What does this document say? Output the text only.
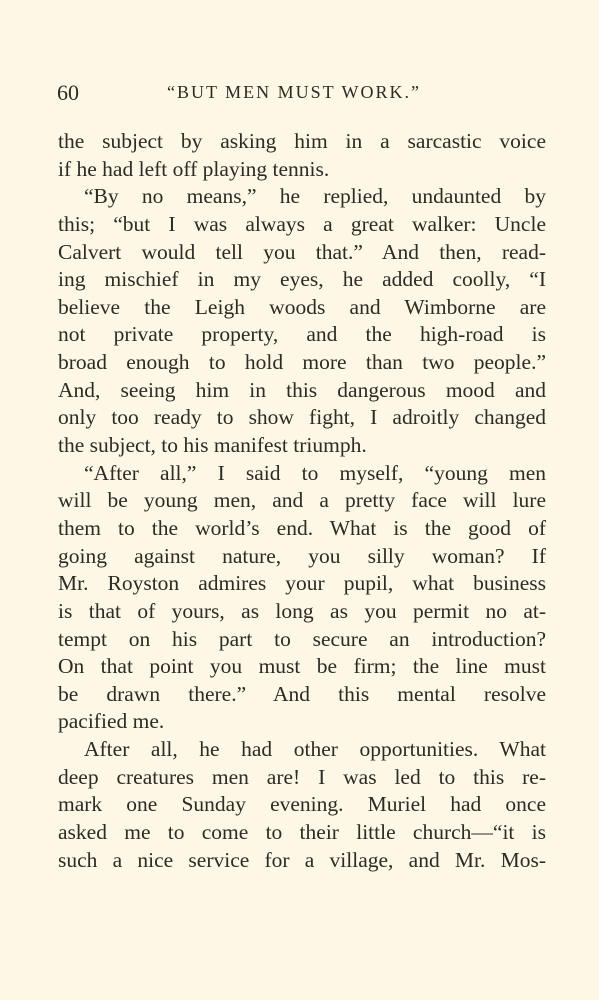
60	“BUT MEN MUST WORK.”
the subject by asking him in a sarcastic voice
if he had left off playing tennis.
“By no means,” he replied, undaunted by
this; “but I was always a great walker: Uncle
Calvert would tell you that.” And then, read-
ing mischief in my eyes, he added coolly, “I
believe the Leigh woods and Wimborne are
not private property, and the high-road is
broad enough to hold more than two people.”
And, seeing him in this dangerous mood and
only too ready to show fight, I adroitly changed
the subject, to his manifest triumph.
“After all,” I said to myself, “young men
will be young men, and a pretty face will lure
them to the world’s end. What is the good of
going against nature, you silly woman? If
Mr. Royston admires your pupil, what business
is that of yours, as long as you permit no at-
tempt on his part to secure an introduction?
On that point you must be firm; the line must
be drawn there.” And this mental resolve
pacified me.
After all, he had other opportunities. What
deep creatures men are! I was led to this re-
mark one Sunday evening. Muriel had once
asked me to come to their little church—“it is
such a nice service for a village, and Mr. Mos-
